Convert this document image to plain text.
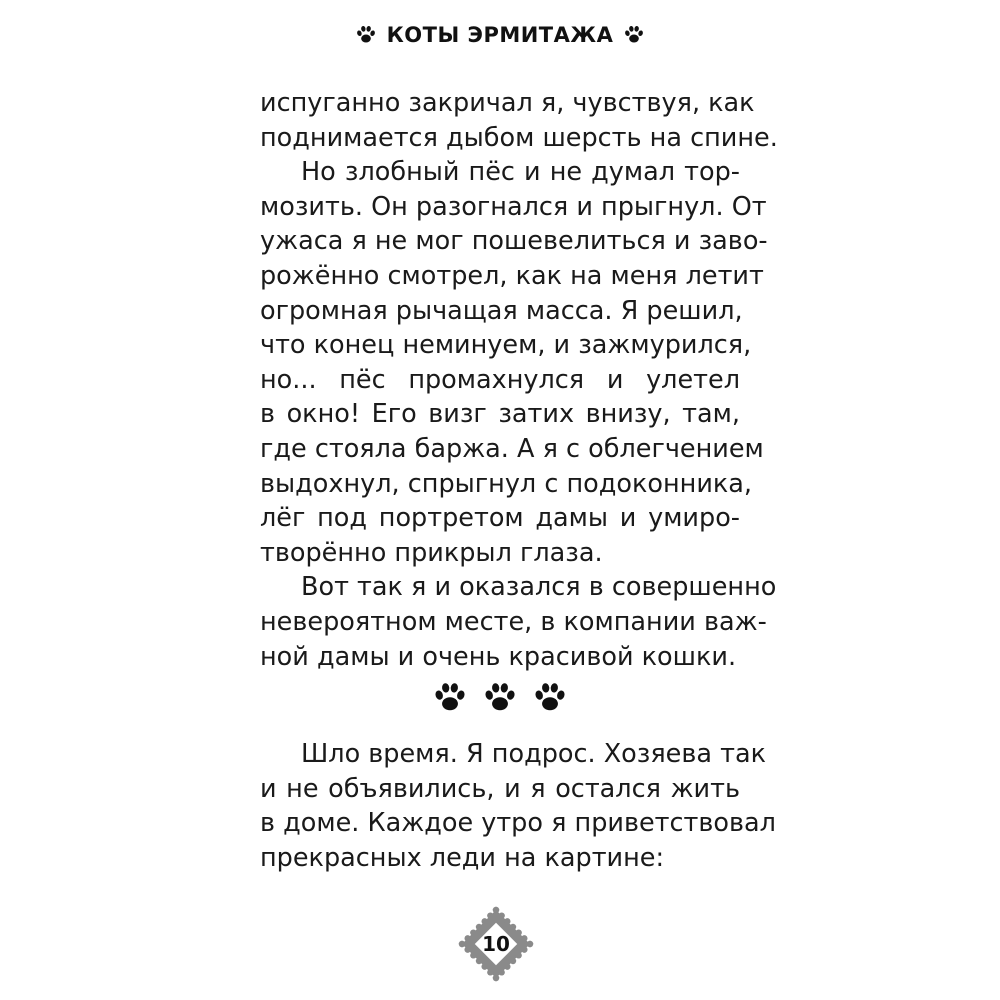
КОТЫ ЭРМИТАЖА
испуганно закричал я, чувствуя, как
поднимается дыбом шерсть на спине.
Но злобный пёс и не думал тор-
мозить. Он разогнался и прыгнул. От
ужаса я не мог пошевелиться и заво-
рожённо смотрел, как на меня летит
огромная рычащая масса. Я решил,
что конец неминуем, и зажмурился,
но... пёс промахнулся и улетел
в окно! Его визг затих внизу, там,
где стояла баржа. А я с облегчением
выдохнул, спрыгнул с подоконника,
лёг под портретом дамы и умиро-
творённо прикрыл глаза.
Вот так я и оказался в совершенно
невероятном месте, в компании важ-
ной дамы и очень красивой кошки.
Шло время. Я подрос. Хозяева так
и не объявились, и я остался жить
в доме. Каждое утро я приветствовал
прекрасных леди на картине:
10
